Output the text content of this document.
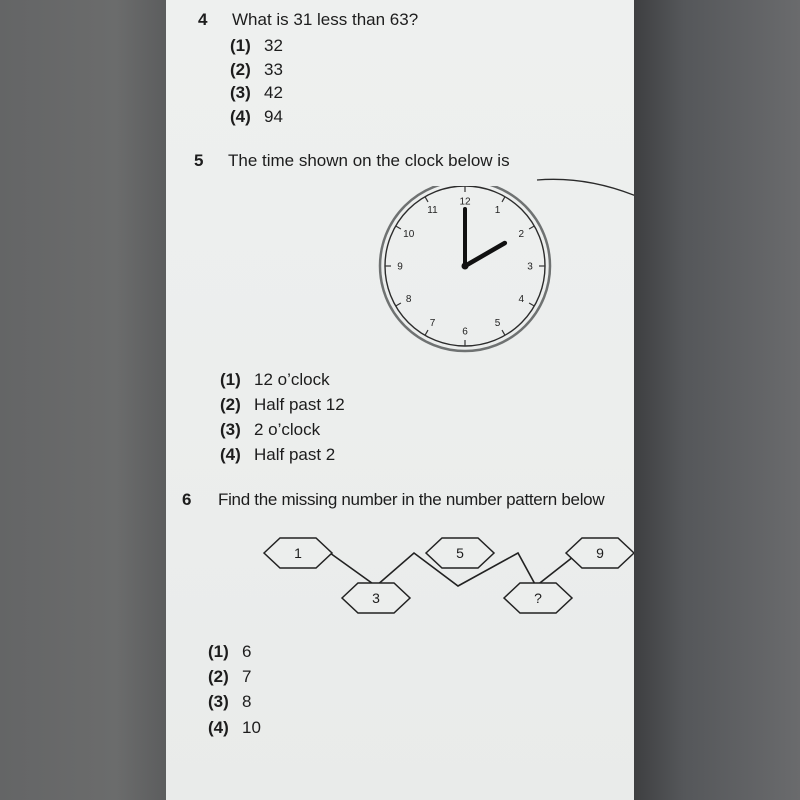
4 What is 31 less than 63?
(1) 32
(2) 33
(3) 42
(4) 94
5 The time shown on the clock below is
12
1
2
3
4
5
6
7
8
9
10
11
(1) 12 o’clock
(2) Half past 12
(3) 2 o’clock
(4) Half past 2
6 Find the missing number in the number pattern below
1
3
5
?
9
(1) 6
(2) 7
(3) 8
(4) 10
